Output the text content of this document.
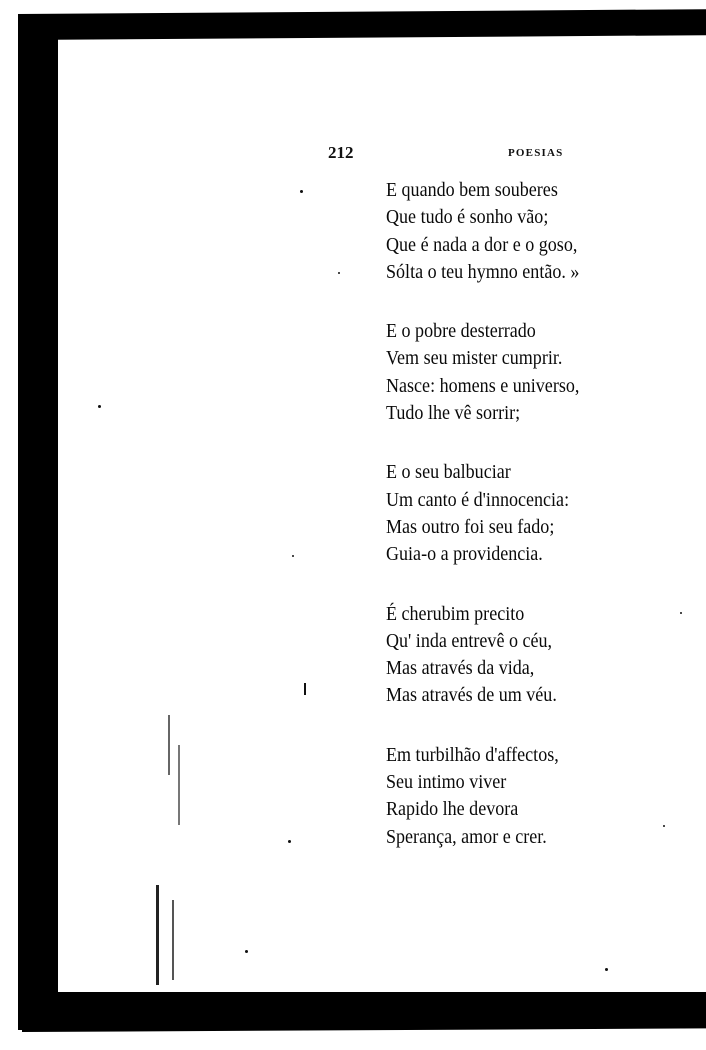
212	POESIAS
E quando bem souberes
Que tudo é sonho vão;
Que é nada a dor e o goso,
Sólta o teu hymno então. »
E o pobre desterrado
Vem seu mister cumprir.
Nasce: homens e universo,
Tudo lhe vê sorrir;
E o seu balbuciar
Um canto é d'innocencia:
Mas outro foi seu fado;
Guia-o a providencia.
É cherubim precito
Qu' inda entrevê o céu,
Mas através da vida,
Mas através de um véu.
Em turbilhão d'affectos,
Seu intimo viver
Rapido lhe devora
Sperança, amor e crer.
